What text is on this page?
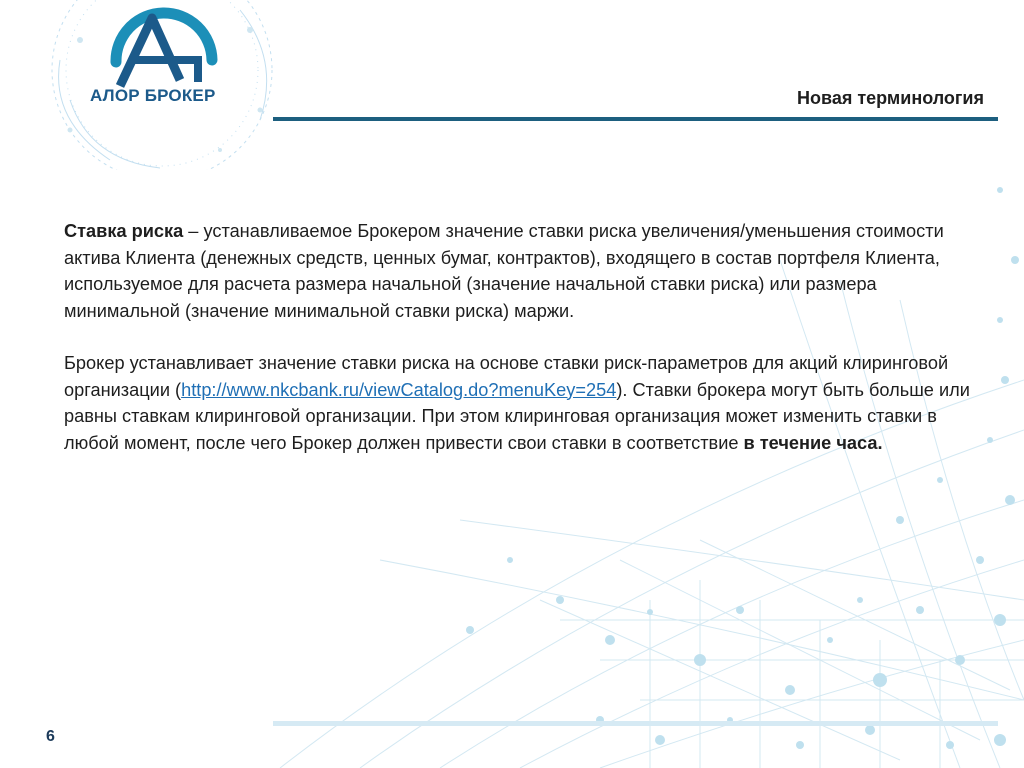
АЛОР БРОКЕР	Новая терминология

Ставка риска – устанавливаемое Брокером значение ставки риска увеличения/уменьшения стоимости актива Клиента (денежных средств, ценных бумаг, контрактов), входящего в состав портфеля Клиента, используемое для расчета размера начальной (значение начальной ставки риска) или размера минимальной (значение минимальной ставки риска) маржи.

Брокер устанавливает значение ставки риска на основе ставки риск-параметров для акций клиринговой организации (http://www.nkcbank.ru/viewCatalog.do?menuKey=254). Ставки брокера могут быть больше или равны ставкам клиринговой организации. При этом клиринговая организация может изменить ставки в любой момент, после чего Брокер должен привести свои ставки в соответствие в течение часа.

6
